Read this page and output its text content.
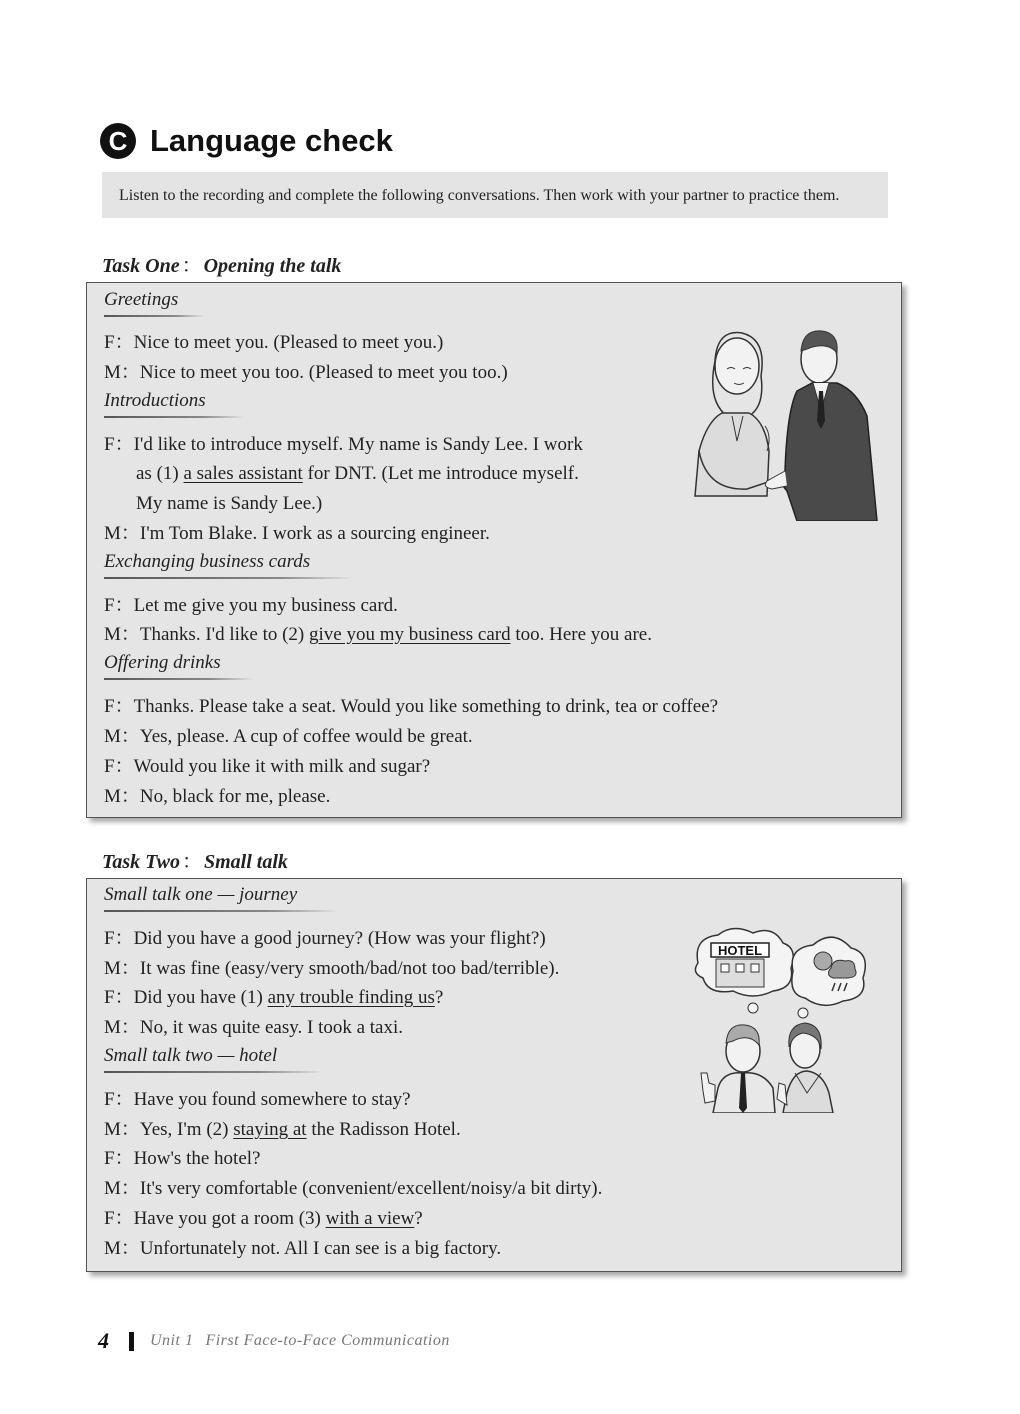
C Language check
Listen to the recording and complete the following conversations. Then work with your partner to practice them.
Task One ： Opening the talk
Greetings
F：Nice to meet you. (Pleased to meet you.)
M：Nice to meet you too. (Pleased to meet you too.)
Introductions
F：I'd like to introduce myself. My name is Sandy Lee. I work
as (1) a sales assistant for DNT. (Let me introduce myself.
My name is Sandy Lee.)
M：I'm Tom Blake. I work as a sourcing engineer.
Exchanging business cards
F：Let me give you my business card.
M：Thanks. I'd like to (2) give you my business card too. Here you are.
Offering drinks
F：Thanks. Please take a seat. Would you like something to drink, tea or coffee?
M：Yes, please. A cup of coffee would be great.
F：Would you like it with milk and sugar?
M：No, black for me, please.
Task Two ： Small talk
Small talk one — journey
F：Did you have a good journey? (How was your flight?)
M：It was fine (easy/very smooth/bad/not too bad/terrible).
F：Did you have (1) any trouble finding us?
M：No, it was quite easy. I took a taxi.
Small talk two — hotel
F：Have you found somewhere to stay?
M：Yes, I'm (2) staying at the Radisson Hotel.
F：How's the hotel?
M：It's very comfortable (convenient/excellent/noisy/a bit dirty).
F：Have you got a room (3) with a view?
M：Unfortunately not. All I can see is a big factory.
HOTEL
4	Unit 1 First Face-to-Face Communication
